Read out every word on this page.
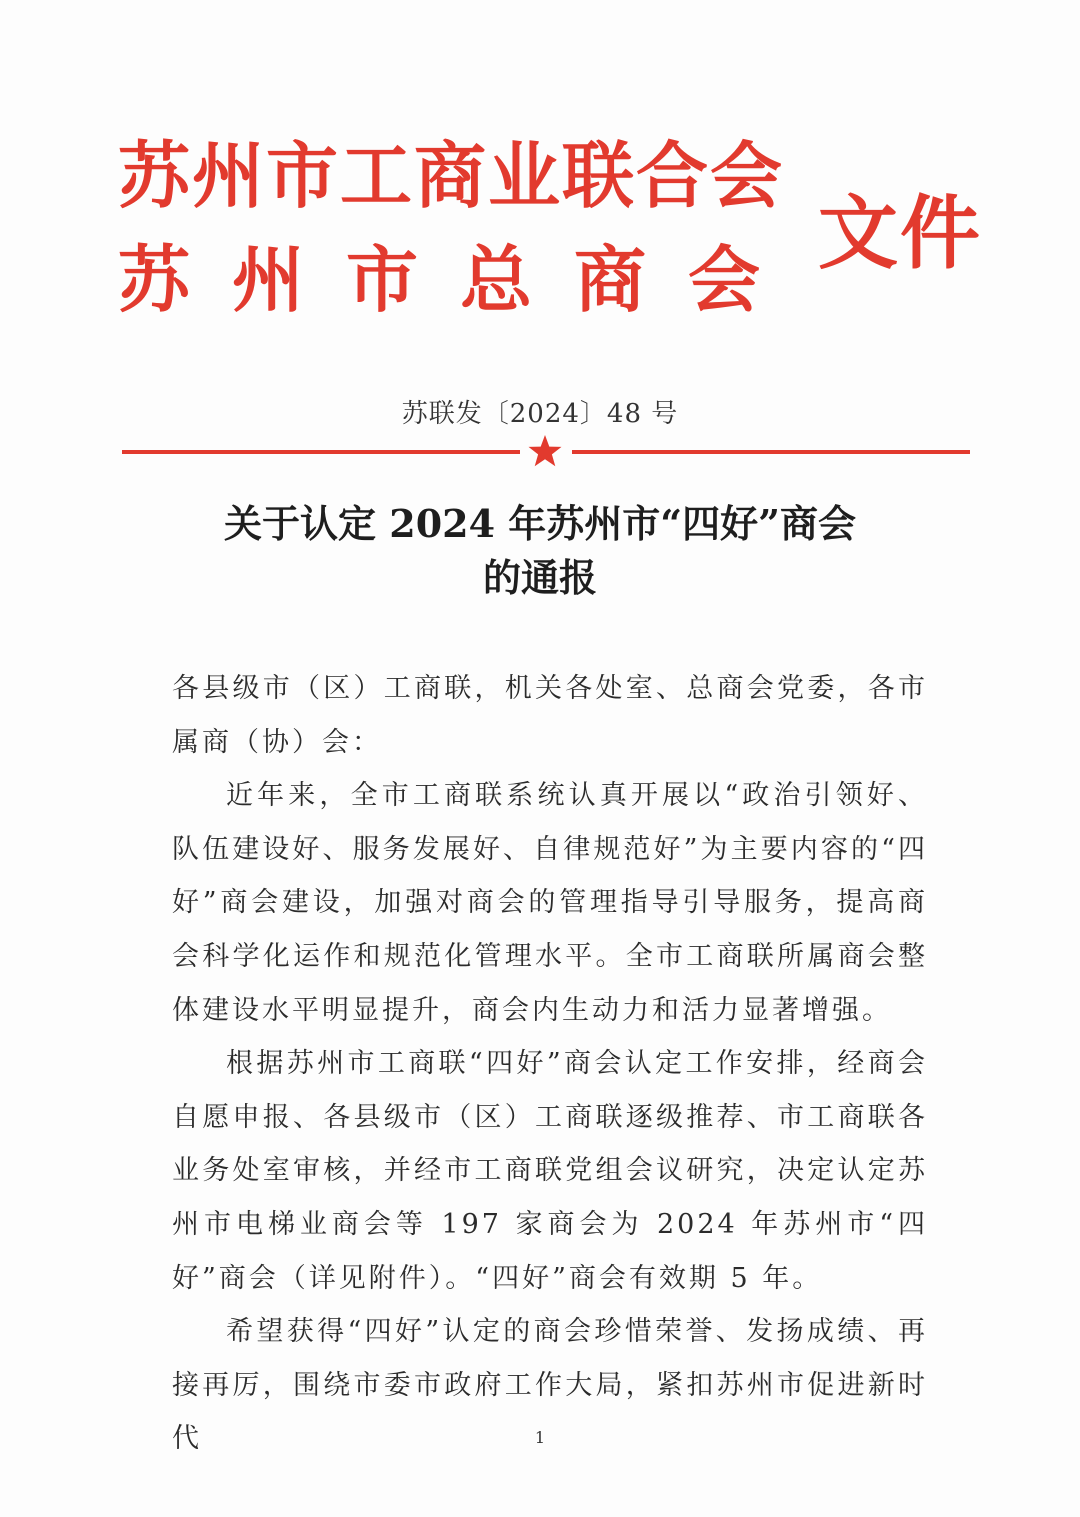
苏州市工商业联合会
苏州市总商会 文件
苏联发〔2024〕48 号
关于认定 2024 年苏州市“四好”商会
的通报

各县级市（区）工商联，机关各处室、总商会党委，各市属商（协）会：

近年来，全市工商联系统认真开展以“政治引领好、队伍建设好、服务发展好、自律规范好”为主要内容的“四好”商会建设，加强对商会的管理指导引导服务，提高商会科学化运作和规范化管理水平。全市工商联所属商会整体建设水平明显提升，商会内生动力和活力显著增强。

根据苏州市工商联“四好”商会认定工作安排，经商会自愿申报、各县级市（区）工商联逐级推荐、市工商联各业务处室审核，并经市工商联党组会议研究，决定认定苏州市电梯业商会等 197 家商会为 2024 年苏州市“四好”商会（详见附件）。“四好”商会有效期 5 年。

希望获得“四好”认定的商会珍惜荣誉、发扬成绩、再接再厉，围绕市委市政府工作大局，紧扣苏州市促进新时代	1
